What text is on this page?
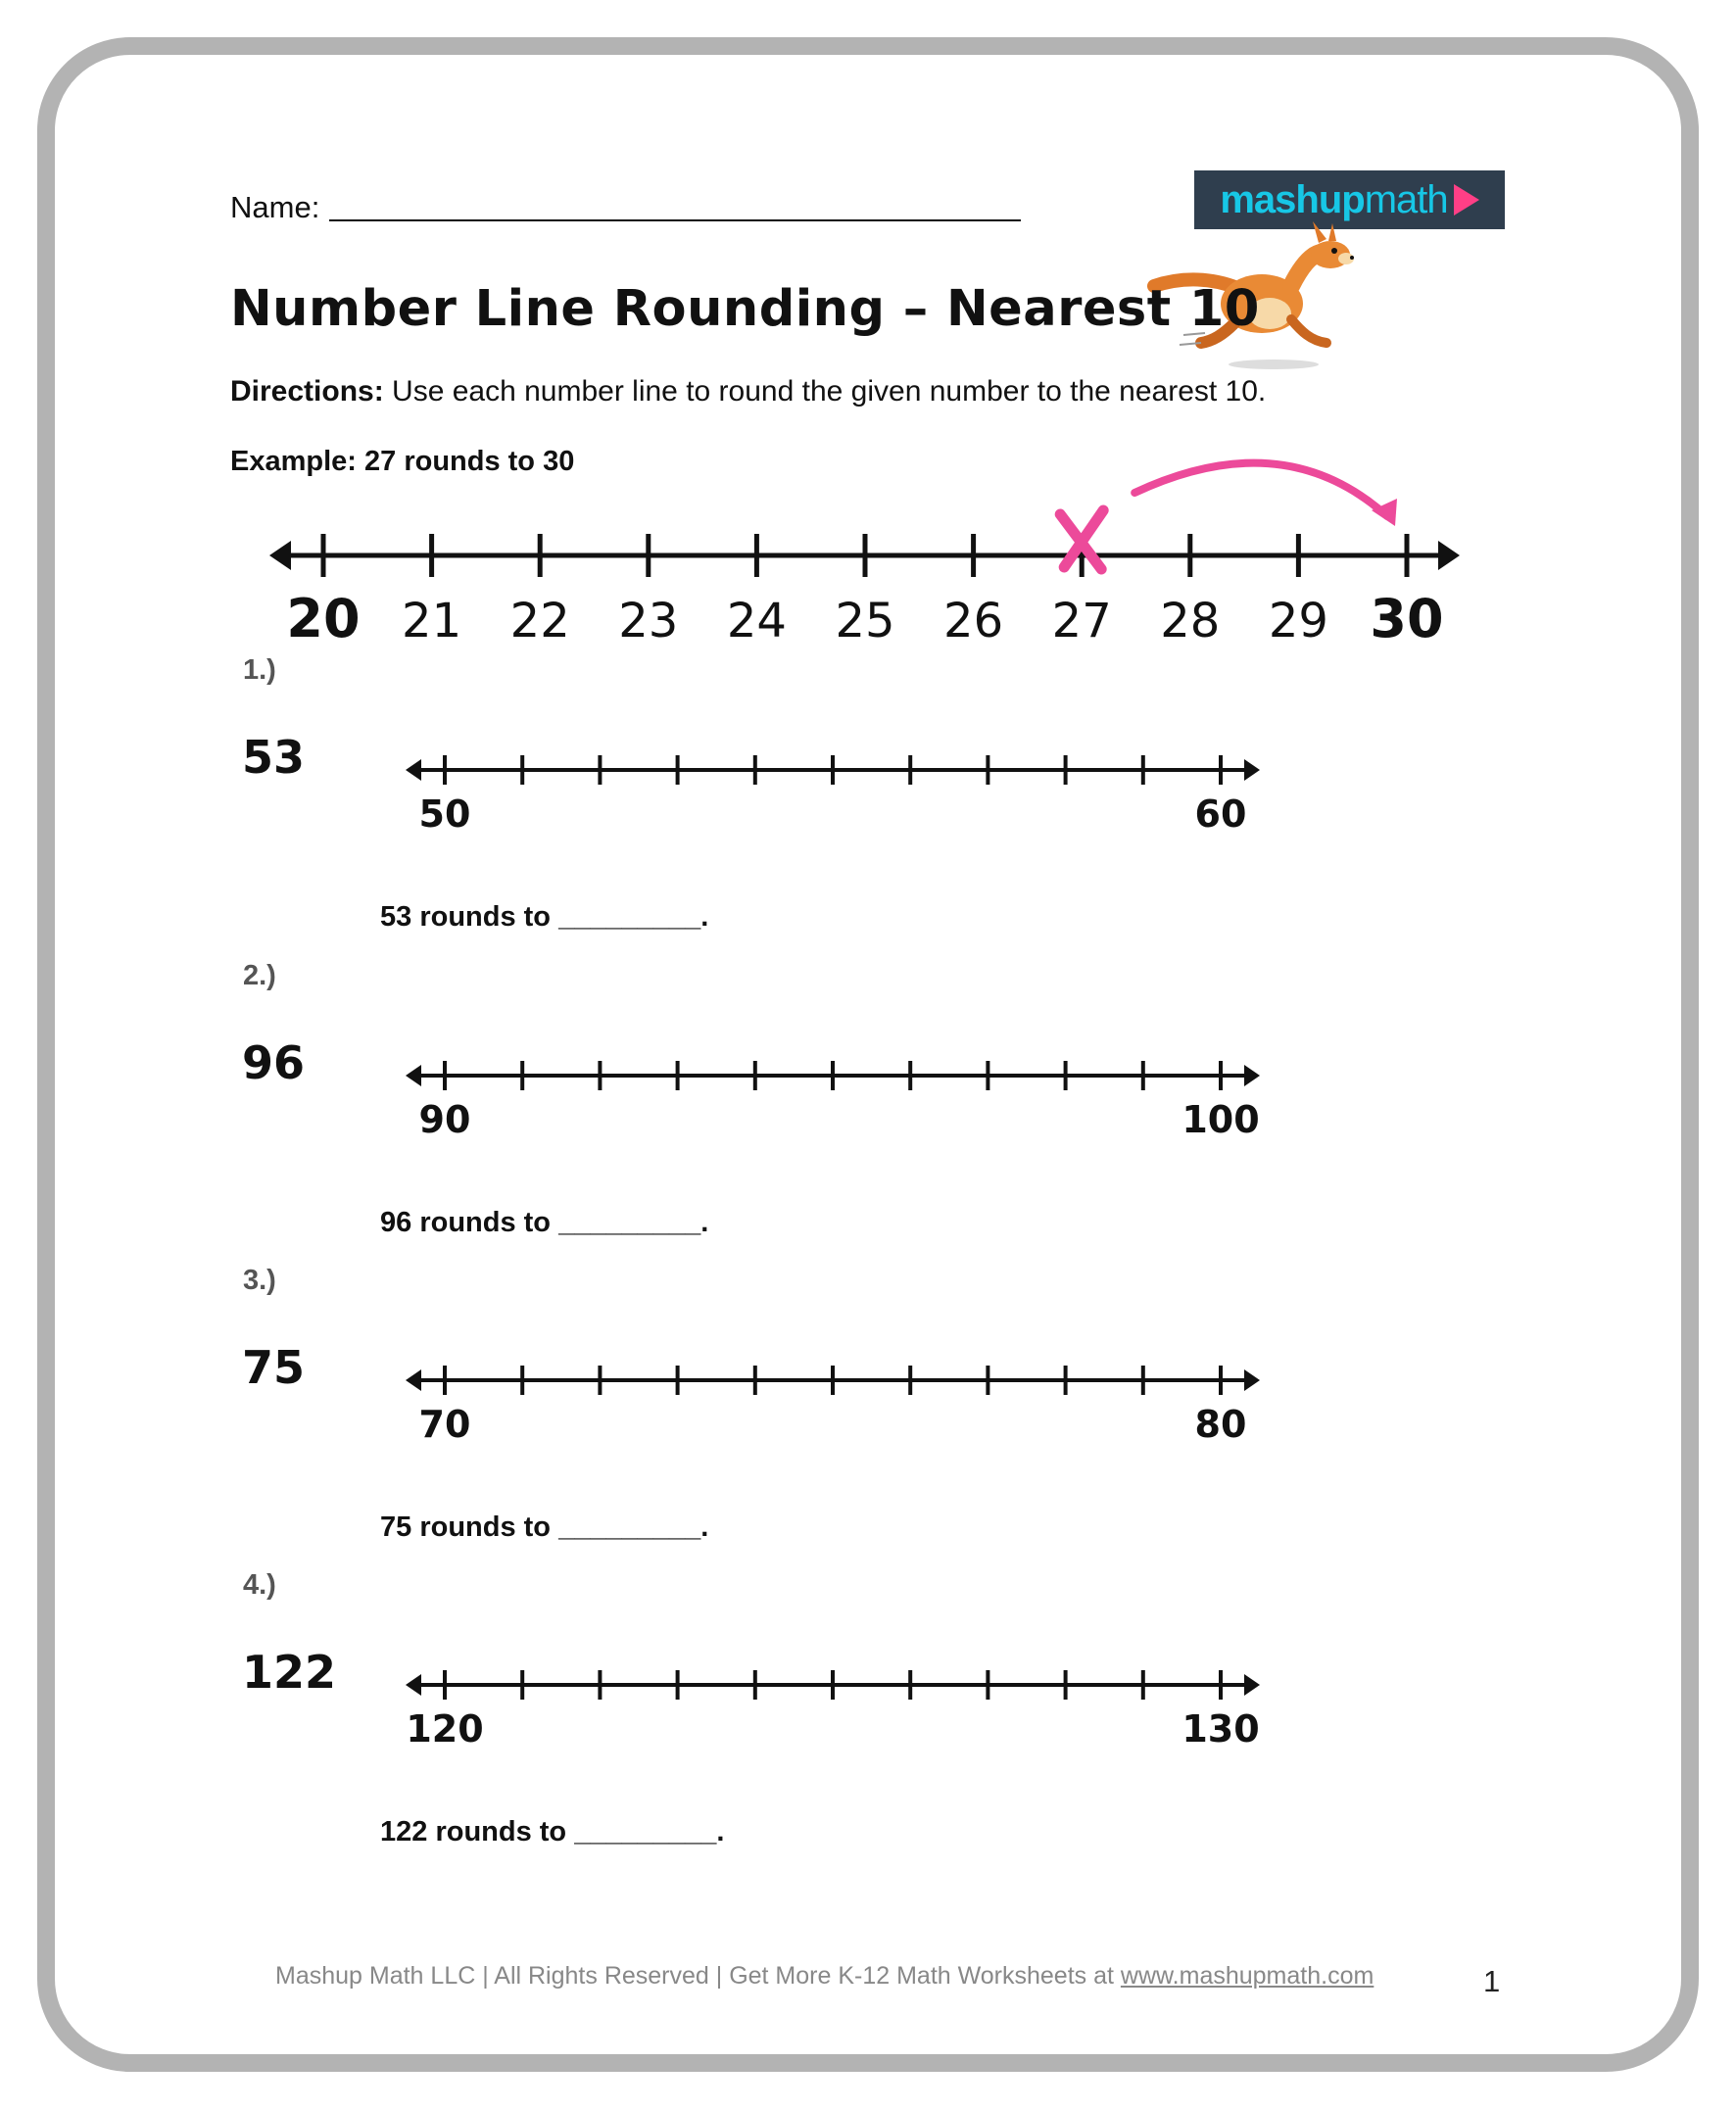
Name:	mashupmath
Number Line Rounding – Nearest 10
Directions: Use each number line to round the given number to the nearest 10.
Example: 27 rounds to 30
20 21 22 23 24 25 26 27 28 29 30
1.)
53
50	60
53 rounds to _________.
2.)
96
90	100
96 rounds to _________.
3.)
75
70	80
75 rounds to _________.
4.)
122
120	130
122 rounds to _________.
Mashup Math LLC | All Rights Reserved | Get More K-12 Math Worksheets at www.mashupmath.com	1
